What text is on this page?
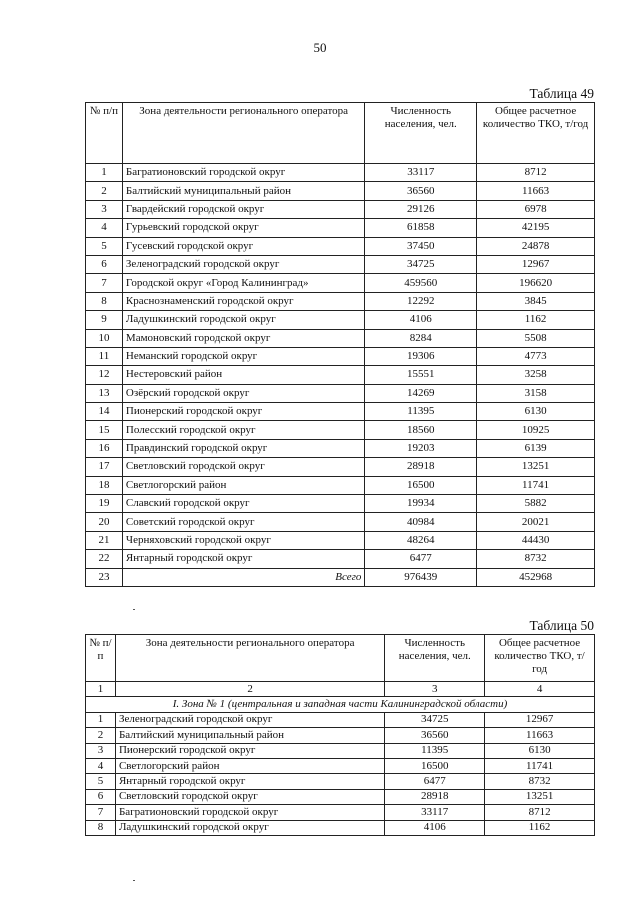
50
Таблица 49
№ п/п	Зона деятельности регионального оператора	Численность населения, чел.	Общее расчетное количество ТКО, т/год
1	Багратионовский городской округ	33117	8712
2	Балтийский муниципальный район	36560	11663
3	Гвардейский городской округ	29126	6978
4	Гурьевский городской округ	61858	42195
5	Гусевский городской округ	37450	24878
6	Зеленоградский городской округ	34725	12967
7	Городской округ «Город Калининград»	459560	196620
8	Краснознаменский городской округ	12292	3845
9	Ладушкинский городской округ	4106	1162
10	Мамоновский городской округ	8284	5508
11	Неманский городской округ	19306	4773
12	Нестеровский район	15551	3258
13	Озёрский городской округ	14269	3158
14	Пионерский городской округ	11395	6130
15	Полесский городской округ	18560	10925
16	Правдинский городской округ	19203	6139
17	Светловский городской округ	28918	13251
18	Светлогорский район	16500	11741
19	Славский городской округ	19934	5882
20	Советский городской округ	40984	20021
21	Черняховский городской округ	48264	44430
22	Янтарный городской округ	6477	8732
23	Всего	976439	452968
Таблица 50
№ п/п	Зона деятельности регионального оператора	Численность населения, чел.	Общее расчетное количество ТКО, т/год
1	2	3	4
I. Зона № 1 (центральная и западная части Калининградской области)			
1	Зеленоградский городской округ	34725	12967
2	Балтийский муниципальный район	36560	11663
3	Пионерский городской округ	11395	6130
4	Светлогорский район	16500	11741
5	Янтарный городской округ	6477	8732
6	Светловский городской округ	28918	13251
7	Багратионовский городской округ	33117	8712
8	Ладушкинский городской округ	4106	1162
